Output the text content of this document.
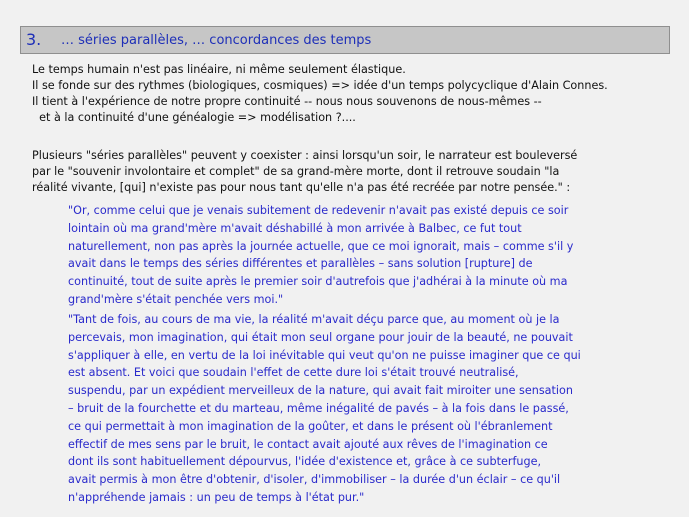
3. … séries parallèles, … concordances des temps
Le temps humain n'est pas linéaire, ni même seulement élastique.
Il se fonde sur des rythmes (biologiques, cosmiques) => idée d'un temps polycyclique d'Alain Connes.
Il tient à l'expérience de notre propre continuité -- nous nous souvenons de nous-mêmes --
et à la continuité d'une généalogie => modélisation ?....
Plusieurs "séries parallèles" peuvent y coexister : ainsi lorsqu'un soir, le narrateur est bouleversé
par le "souvenir involontaire et complet" de sa grand-mère morte, dont il retrouve soudain "la
réalité vivante, [qui] n'existe pas pour nous tant qu'elle n'a pas été recréée par notre pensée." :
"Or, comme celui que je venais subitement de redevenir n'avait pas existé depuis ce soir
lointain où ma grand'mère m'avait déshabillé à mon arrivée à Balbec, ce fut tout
naturellement, non pas après la journée actuelle, que ce moi ignorait, mais – comme s'il y
avait dans le temps des séries différentes et parallèles – sans solution [rupture] de
continuité, tout de suite après le premier soir d'autrefois que j'adhérai à la minute où ma
grand'mère s'était penchée vers moi."
"Tant de fois, au cours de ma vie, la réalité m'avait déçu parce que, au moment où je la
percevais, mon imagination, qui était mon seul organe pour jouir de la beauté, ne pouvait
s'appliquer à elle, en vertu de la loi inévitable qui veut qu'on ne puisse imaginer que ce qui
est absent. Et voici que soudain l'effet de cette dure loi s'était trouvé neutralisé,
suspendu, par un expédient merveilleux de la nature, qui avait fait miroiter une sensation
– bruit de la fourchette et du marteau, même inégalité de pavés – à la fois dans le passé,
ce qui permettait à mon imagination de la goûter, et dans le présent où l'ébranlement
effectif de mes sens par le bruit, le contact avait ajouté aux rêves de l'imagination ce
dont ils sont habituellement dépourvus, l'idée d'existence et, grâce à ce subterfuge,
avait permis à mon être d'obtenir, d'isoler, d'immobiliser – la durée d'un éclair – ce qu'il
n'appréhende jamais : un peu de temps à l'état pur."
